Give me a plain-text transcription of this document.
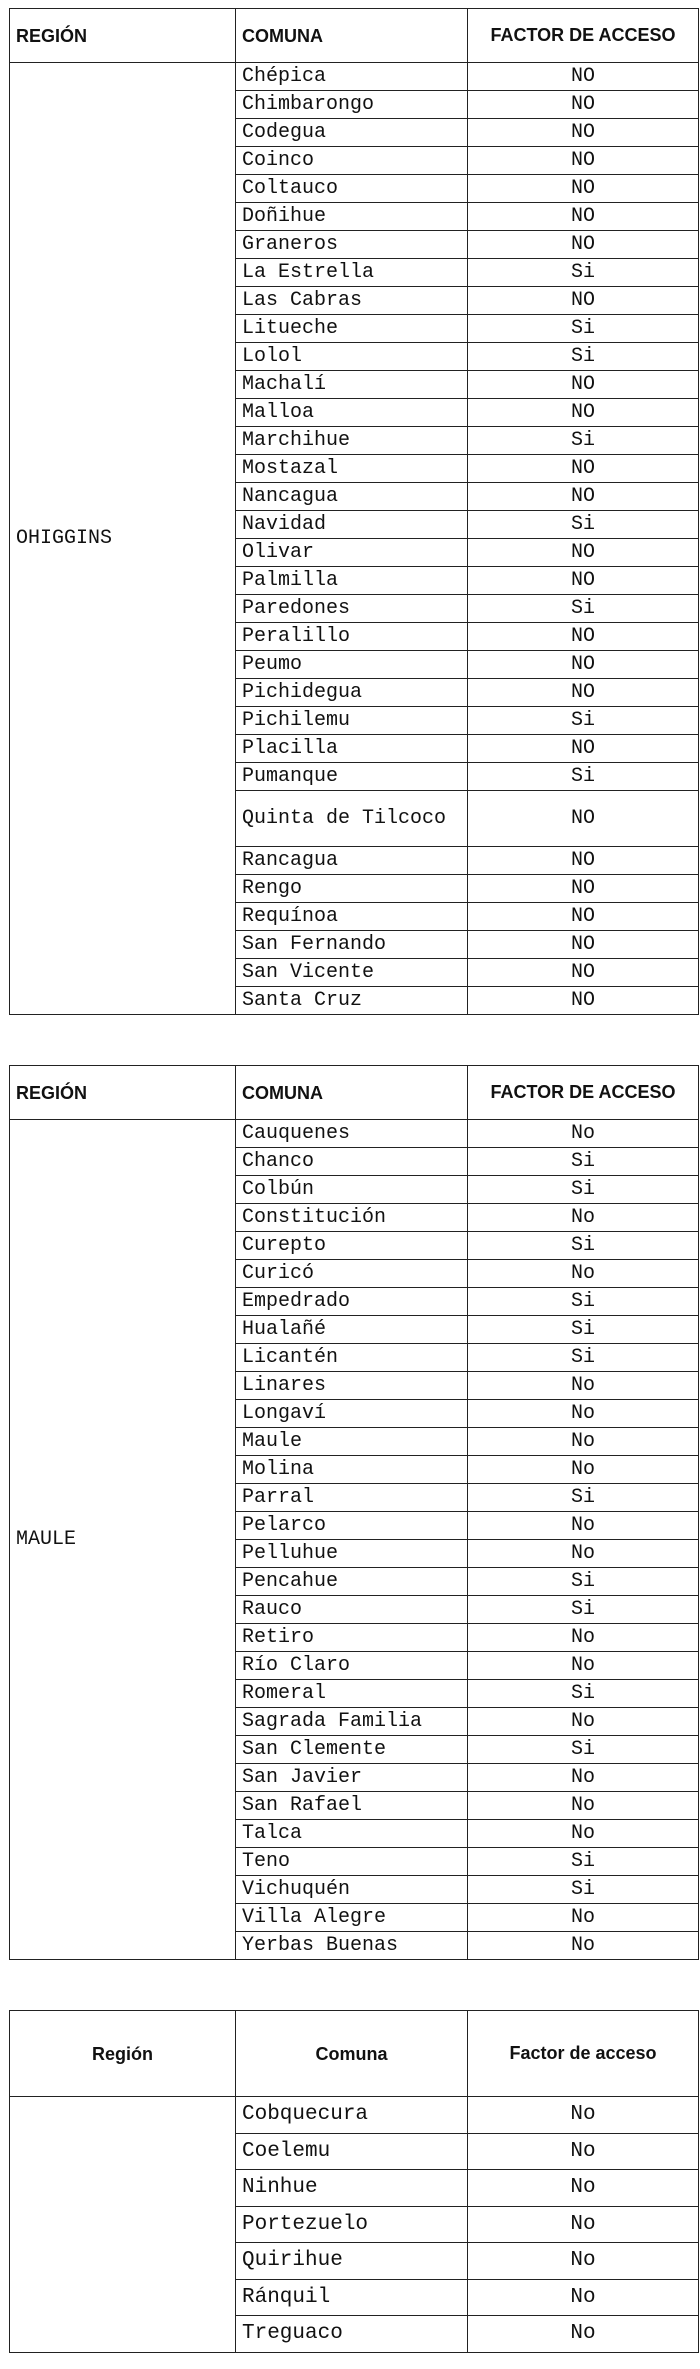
REGIÓN	COMUNA	FACTOR DE ACCESO
OHIGGINS	Chépica	NO
	Chimbarongo	NO
	Codegua	NO
	Coinco	NO
	Coltauco	NO
	Doñihue	NO
	Graneros	NO
	La Estrella	Si
	Las Cabras	NO
	Litueche	Si
	Lolol	Si
	Machalí	NO
	Malloa	NO
	Marchihue	Si
	Mostazal	NO
	Nancagua	NO
	Navidad	Si
	Olivar	NO
	Palmilla	NO
	Paredones	Si
	Peralillo	NO
	Peumo	NO
	Pichidegua	NO
	Pichilemu	Si
	Placilla	NO
	Pumanque	Si
	Quinta de Tilcoco	NO
	Rancagua	NO
	Rengo	NO
	Requínoa	NO
	San Fernando	NO
	San Vicente	NO
	Santa Cruz	NO
REGIÓN	COMUNA	FACTOR DE ACCESO
MAULE	Cauquenes	No
	Chanco	Si
	Colbún	Si
	Constitución	No
	Curepto	Si
	Curicó	No
	Empedrado	Si
	Hualañé	Si
	Licantén	Si
	Linares	No
	Longaví	No
	Maule	No
	Molina	No
	Parral	Si
	Pelarco	No
	Pelluhue	No
	Pencahue	Si
	Rauco	Si
	Retiro	No
	Río Claro	No
	Romeral	Si
	Sagrada Familia	No
	San Clemente	Si
	San Javier	No
	San Rafael	No
	Talca	No
	Teno	Si
	Vichuquén	Si
	Villa Alegre	No
	Yerbas Buenas	No
Región	Comuna	Factor de acceso
	Cobquecura	No
	Coelemu	No
	Ninhue	No
	Portezuelo	No
	Quirihue	No
	Ránquil	No
	Treguaco	No
